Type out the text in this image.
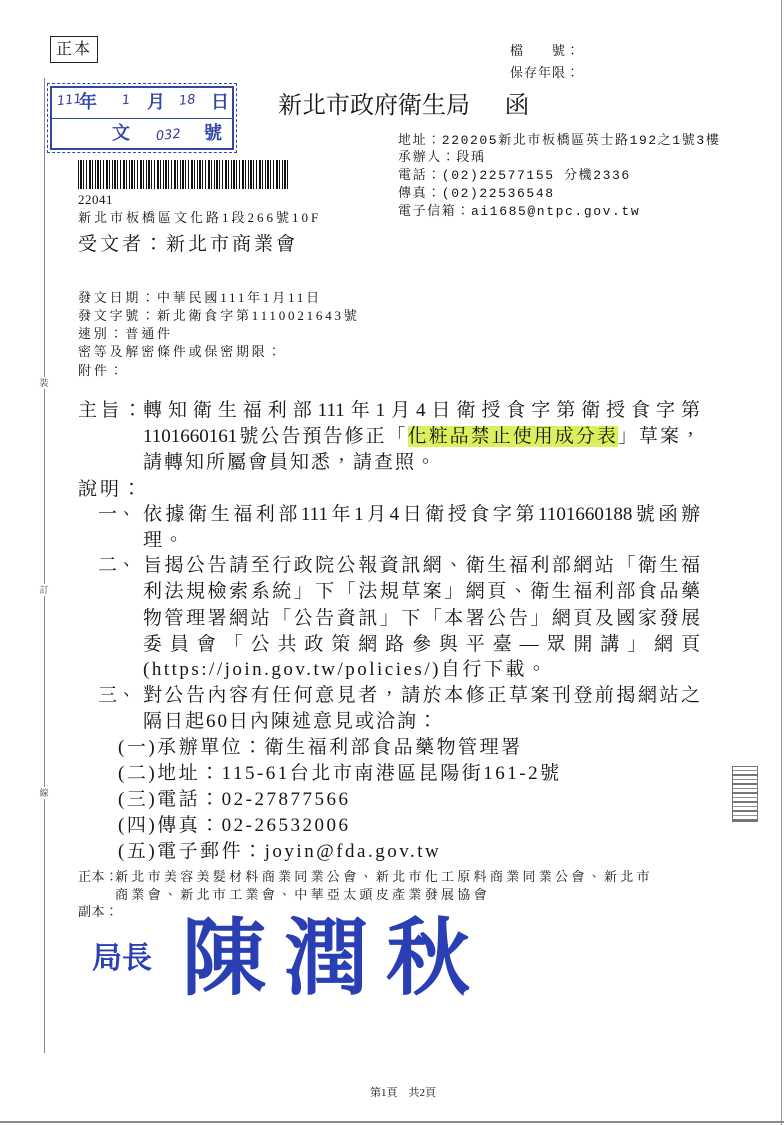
裝
訂
線
正本	檔　　號：
保存年限：
111
年 1 月 18 日
文 032 號
新北市政府衛生局 函
地址：220205新北市板橋區英士路192之1號3樓
承辦人：段瑀
電話：(02)22577155 分機2336
傳真：(02)22536548
電子信箱：ai1685@ntpc.gov.tw
22041
新北市板橋區文化路1段266號10F
受文者：新北市商業會
發文日期：中華民國111年1月11日
發文字號：新北衛食字第1110021643號
速別：普通件
密等及解密條件或保密期限：
附件：
主旨： 轉知衛生福利部111年1月4日衛授食字第衛授食字第
1101660161號公告預告修正「化粧品禁止使用成分表」草案，
請轉知所屬會員知悉，請查照。
說明：
一、 依據衛生福利部111年1月4日衛授食字第1101660188號函辦
理。
二、 旨揭公告請至行政院公報資訊網、衛生福利部網站「衛生福
利法規檢索系統」下「法規草案」網頁、衛生福利部食品藥
物管理署網站「公告資訊」下「本署公告」網頁及國家發展
委員會「公共政策網路參與平臺—眾開講」網頁
(https://join.gov.tw/policies/)自行下載。
三、 對公告內容有任何意見者，請於本修正草案刊登前揭網站之
隔日起60日內陳述意見或洽詢：
(一)承辦單位：衛生福利部食品藥物管理署
(二)地址：115-61台北市南港區昆陽街161-2號
(三)電話：02-27877566
(四)傳真：02-26532006
(五)電子郵件：joyin@fda.gov.tw
正本：
新北市美容美髮材料商業同業公會、新北市化工原料商業同業公會、新北市
商業會、新北市工業會、中華亞太頭皮產業發展協會
副本：
局長 陳潤秋
第1頁　共2頁
